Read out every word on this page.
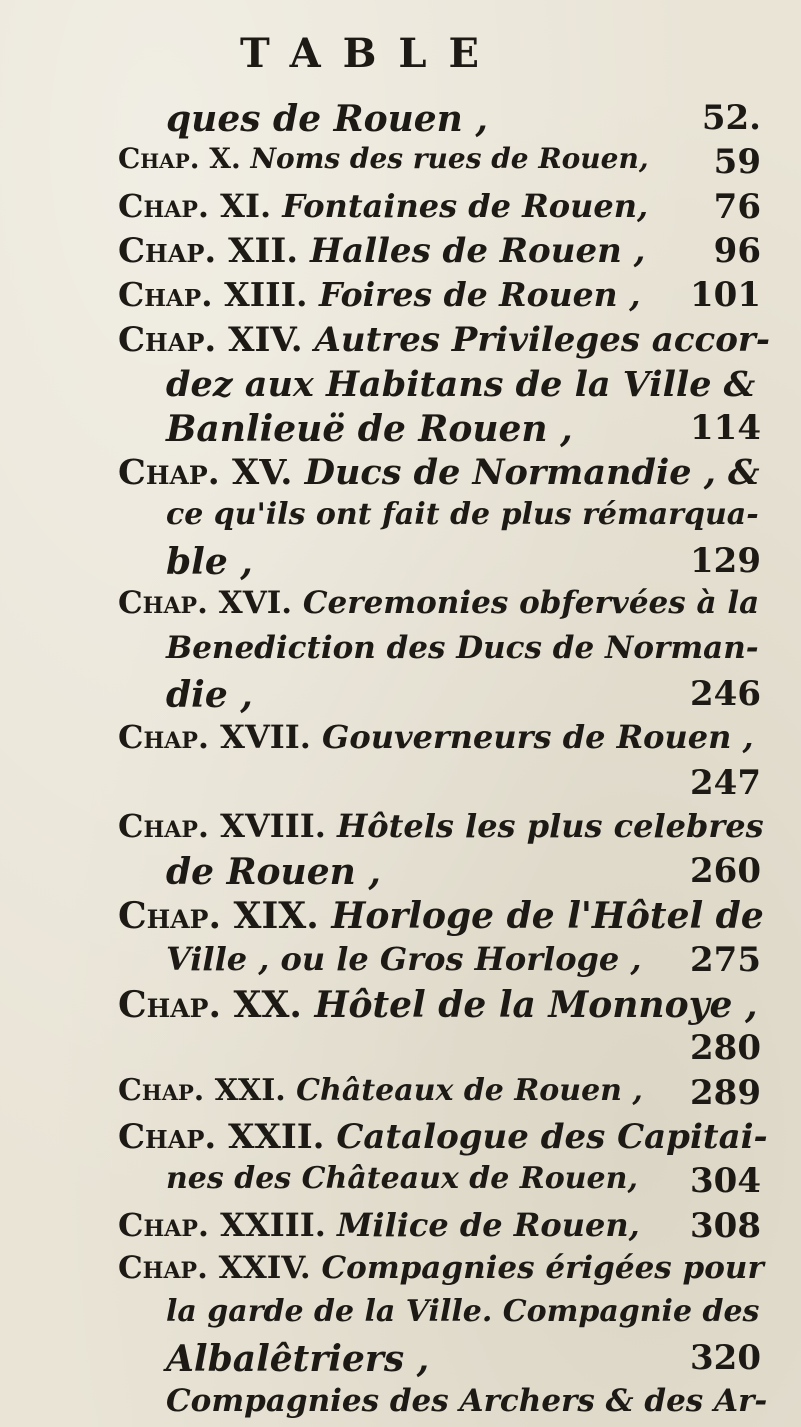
TABLE
ques de Rouen ,	52.
Chap. X. Noms des rues de Rouen, 59
Chap. XI. Fontaines de Rouen, 76
Chap. XII. Halles de Rouen , 96
Chap. XIII. Foires de Rouen , 101
Chap. XIV. Autres Privileges accor-
dez aux Habitans de la Ville &
Banlieuë de Rouen ,	114
Chap. XV. Ducs de Normandie , &
ce qu'ils ont fait de plus rémarqua-
ble ,	129
Chap. XVI. Ceremonies obfervées à la
Benediction des Ducs de Norman-
die ,	246
Chap. XVII. Gouverneurs de Rouen ,
247
Chap. XVIII. Hôtels les plus celebres
de Rouen ,	260
Chap. XIX. Horloge de l'Hôtel de
Ville , ou le Gros Horloge , 275
Chap. XX. Hôtel de la Monnoye ,
280
Chap. XXI. Châteaux de Rouen , 289
Chap. XXII. Catalogue des Capitai-
nes des Châteaux de Rouen, 304
Chap. XXIII. Milice de Rouen, 308
Chap. XXIV. Compagnies érigées pour
la garde de la Ville. Compagnie des
Albalêtriers ,	320
Compagnies des Archers & des Ar-
